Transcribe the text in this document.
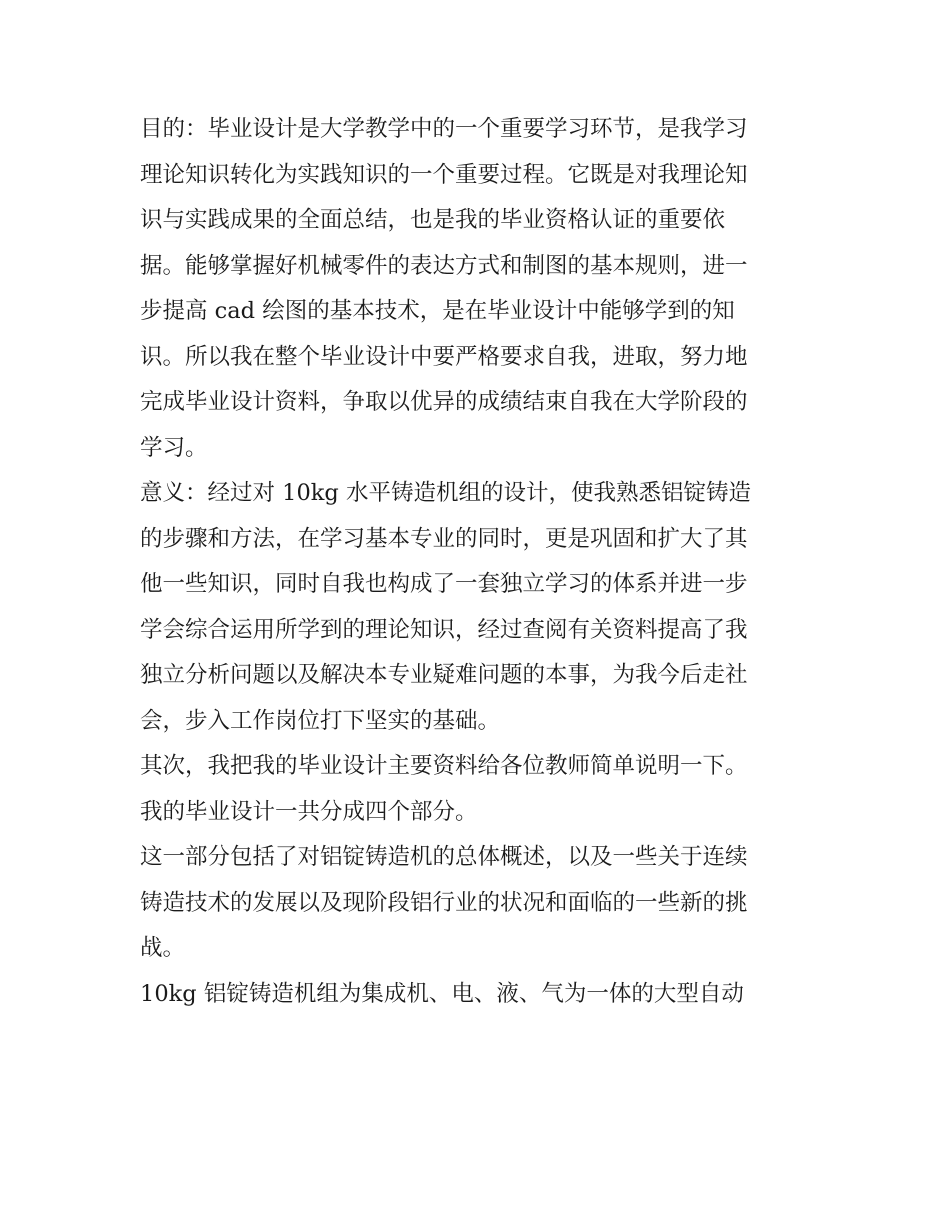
目的：毕业设计是大学教学中的一个重要学习环节，是我学习
理论知识转化为实践知识的一个重要过程。它既是对我理论知
识与实践成果的全面总结，也是我的毕业资格认证的重要依
据。能够掌握好机械零件的表达方式和制图的基本规则，进一
步提高 cad 绘图的基本技术，是在毕业设计中能够学到的知
识。所以我在整个毕业设计中要严格要求自我，进取，努力地
完成毕业设计资料，争取以优异的成绩结束自我在大学阶段的
学习。
意义：经过对 10kg 水平铸造机组的设计，使我熟悉铝锭铸造
的步骤和方法，在学习基本专业的同时，更是巩固和扩大了其
他一些知识，同时自我也构成了一套独立学习的体系并进一步
学会综合运用所学到的理论知识，经过查阅有关资料提高了我
独立分析问题以及解决本专业疑难问题的本事，为我今后走社
会，步入工作岗位打下坚实的基础。
其次，我把我的毕业设计主要资料给各位教师简单说明一下。
我的毕业设计一共分成四个部分。
这一部分包括了对铝锭铸造机的总体概述，以及一些关于连续
铸造技术的发展以及现阶段铝行业的状况和面临的一些新的挑
战。
10kg 铝锭铸造机组为集成机、电、液、气为一体的大型自动
